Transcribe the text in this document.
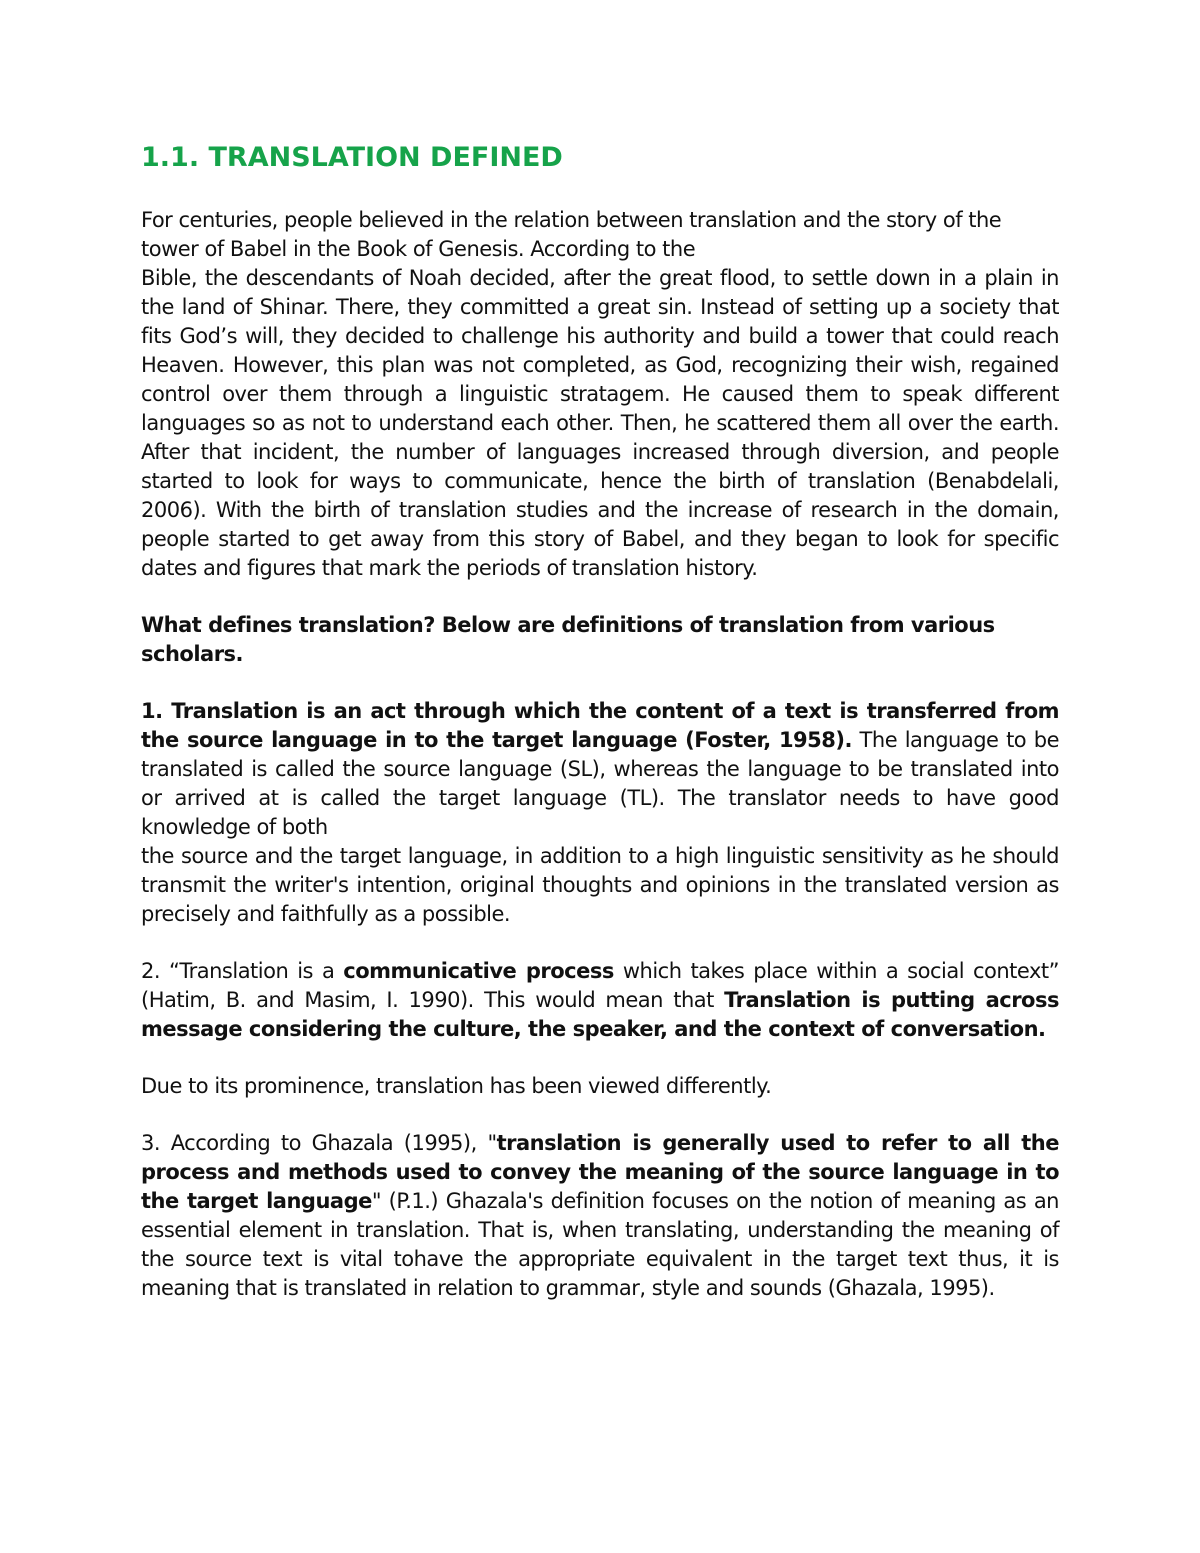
1.1. TRANSLATION DEFINED

For centuries, people believed in the relation between translation and the story of the tower of Babel in the Book of Genesis. According to the
Bible, the descendants of Noah decided, after the great flood, to settle down in a plain in the land of Shinar. There, they committed a great sin. Instead of setting up a society that fits God’s will, they decided to challenge his authority and build a tower that could reach Heaven. However, this plan was not completed, as God, recognizing their wish, regained control over them through a linguistic stratagem. He caused them to speak different languages so as not to understand each other. Then, he scattered them all over the earth. After that incident, the number of languages increased through diversion, and people started to look for ways to communicate, hence the birth of translation (Benabdelali, 2006). With the birth of translation studies and the increase of research in the domain, people started to get away from this story of Babel, and they began to look for specific dates and figures that mark the periods of translation history.

What defines translation? Below are definitions of translation from various scholars.

1. Translation is an act through which the content of a text is transferred from the source language in to the target language (Foster, 1958). The language to be translated is called the source language (SL), whereas the language to be translated into or arrived at is called the target language (TL). The translator needs to have good knowledge of both
the source and the target language, in addition to a high linguistic sensitivity as he should transmit the writer's intention, original thoughts and opinions in the translated version as precisely and faithfully as a possible.

2. “Translation is a communicative process which takes place within a social context” (Hatim, B. and Masim, I. 1990). This would mean that Translation is putting across message considering the culture, the speaker, and the context of conversation.

Due to its prominence, translation has been viewed differently.

3. According to Ghazala (1995), "translation is generally used to refer to all the process and methods used to convey the meaning of the source language in to the target language" (P.1.) Ghazala's definition focuses on the notion of meaning as an essential element in translation. That is, when translating, understanding the meaning of the source text is vital tohave the appropriate equivalent in the target text thus, it is meaning that is translated in relation to grammar, style and sounds (Ghazala, 1995).
